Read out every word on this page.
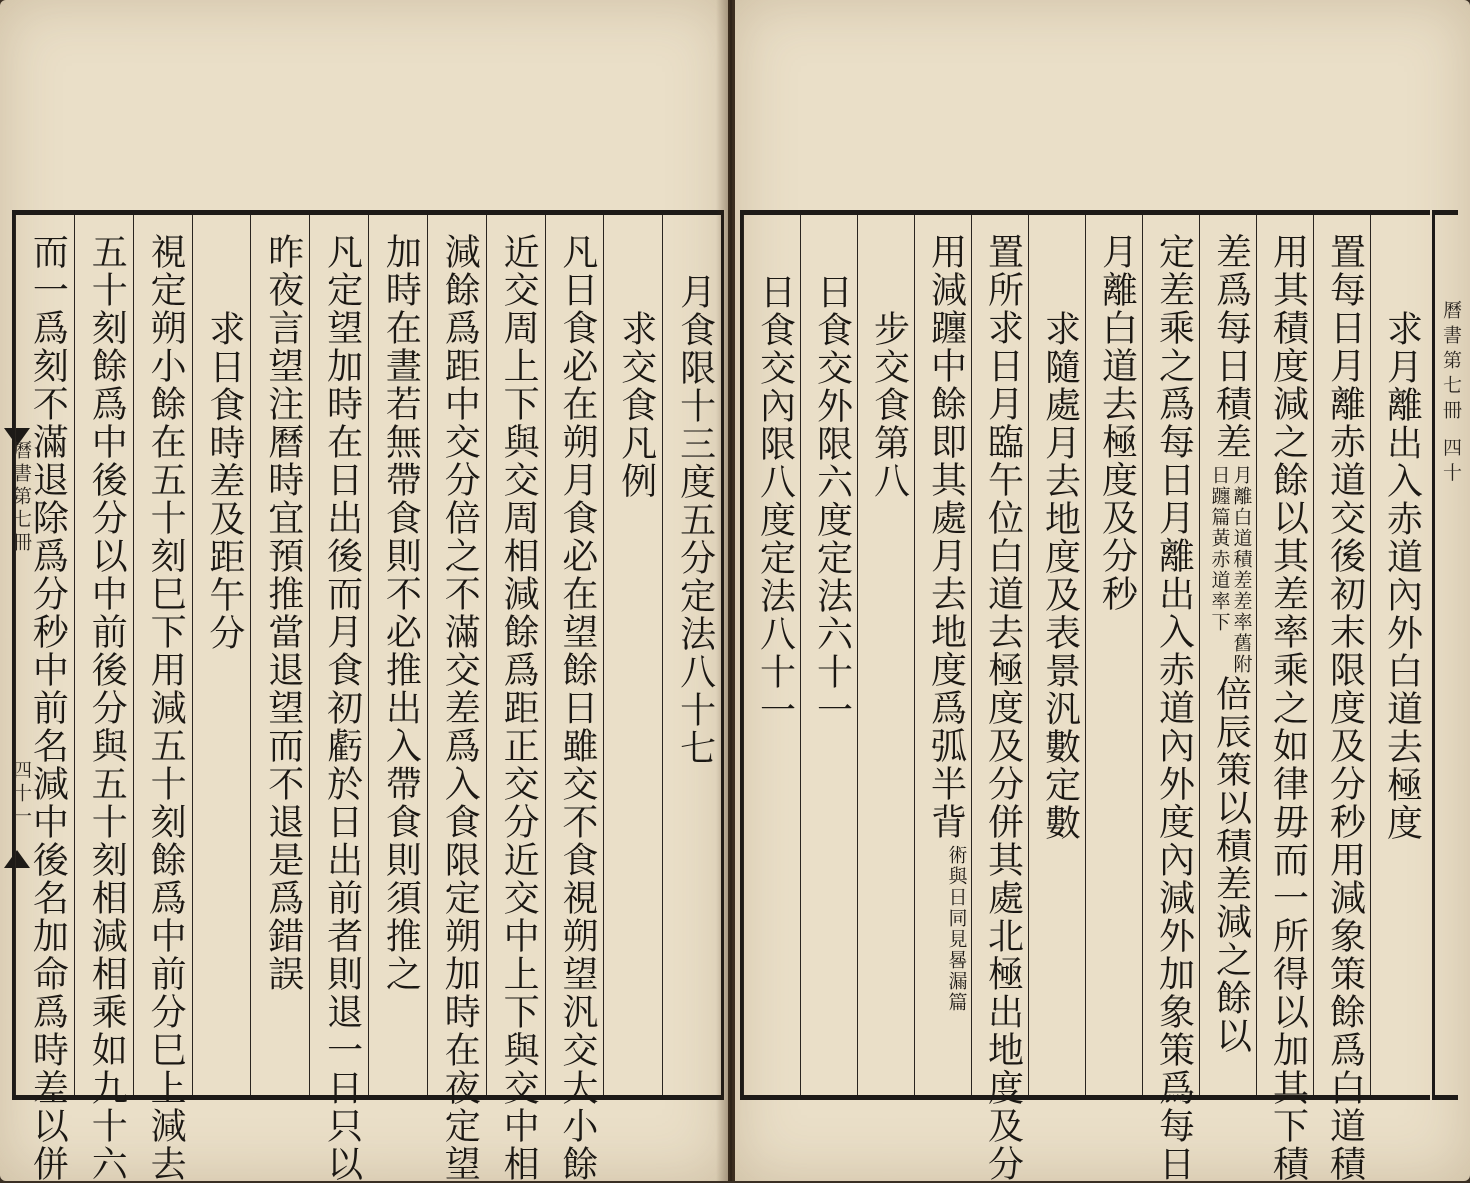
曆書第七冊
四十一
月食限十三度五分定法八十七
求交食凡例
凡日食必在朔月食必在望餘日雖交不食視朔望汎交大小餘
近交周上下與交周相減餘爲距正交分近交中上下與交中相
減餘爲距中交分倍之不滿交差爲入食限定朔加時在夜定望
加時在晝若無帶食則不必推出入帶食則須推之
凡定望加時在日出後而月食初虧於日出前者則退一日只以
昨夜言望注曆時宜預推當退望而不退是爲錯誤
求日食時差及距午分
視定朔小餘在五十刻巳下用減五十刻餘爲中前分巳上減去
五十刻餘爲中後分以中前後分與五十刻相減相乘如九十六
而一爲刻不滿退除爲分秒中前名減中後名加命爲時差以併	求月離出入赤道內外白道去極度
置每日月離赤道交後初末限度及分秒用減象策餘爲白道積
用其積度減之餘以其差率乘之如律毋而一所得以加其下積
差爲每日積差月離白道積差差率舊附日躔篇黃赤道率下倍辰策以積差減之餘以
定差乘之爲每日月離出入赤道內外度內減外加象策爲每日
月離白道去極度及分秒
求隨處月去地度及表景汎數定數
置所求日月臨午位白道去極度及分併其處北極出地度及分
用減躔中餘即其處月去地度爲弧半背術與日同見晷漏篇
步交食第八
日食交外限六度定法六十一
日食交內限八度定法八十一	曆書第七冊 四十
